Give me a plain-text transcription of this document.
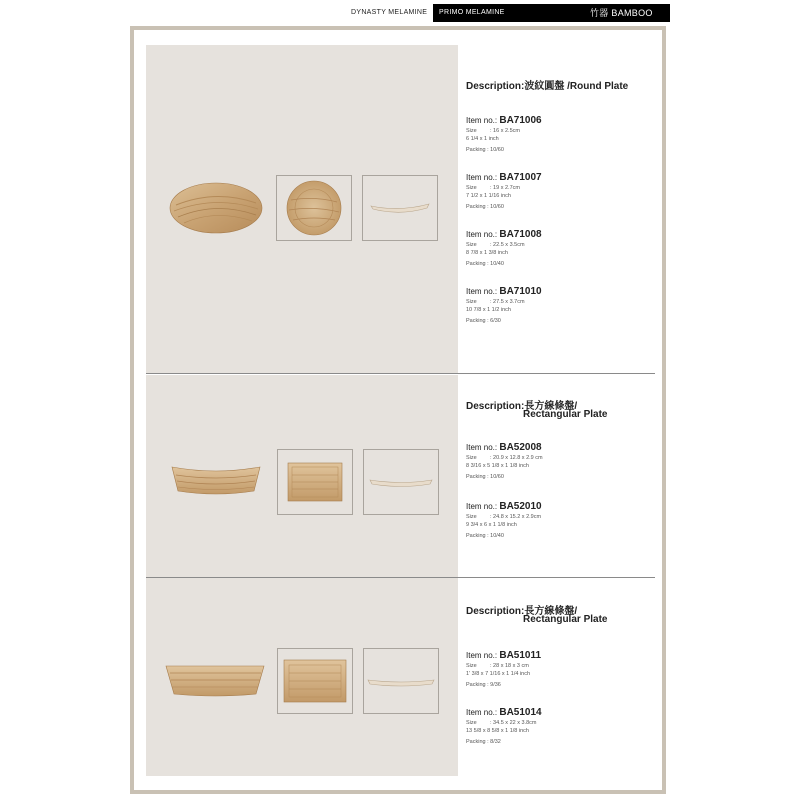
DYNASTY MELAMINE	PRIMO MELAMINE	竹器 BAMBOO
Description:波紋圓盤 /Round Plate
Item no.: BA71006
Size : 16 x 2.5cm
6 1/4 x 1 inch
Packing : 10/60
Item no.: BA71007
Size : 19 x 2.7cm
7 1/2 x 1 1/16 inch
Packing : 10/60
Item no.: BA71008
Size : 22.5 x 3.5cm
8 7/8 x 1 3/8 inch
Packing : 10/40
Item no.: BA71010
Size : 27.5 x 3.7cm
10 7/8 x 1 1/2 inch
Packing : 6/30
Description:長方線條盤/
Rectangular Plate
Item no.: BA52008
Size : 20.9 x 12.8 x 2.9 cm
8 3/16 x 5 1/8 x 1 1/8 inch
Packing : 10/60
Item no.: BA52010
Size : 24.8 x 15.2 x 2.9cm
9 3/4 x 6 x 1 1/8 inch
Packing : 10/40
Description:長方線條盤/
Rectangular Plate
Item no.: BA51011
Size : 28 x 18 x 3 cm
1' 3/8 x 7 1/16 x 1 1/4 inch
Packing : 9/36
Item no.: BA51014
Size : 34.5 x 22 x 3.8cm
13 5/8 x 8 5/8 x 1 1/8 inch
Packing : 8/32
